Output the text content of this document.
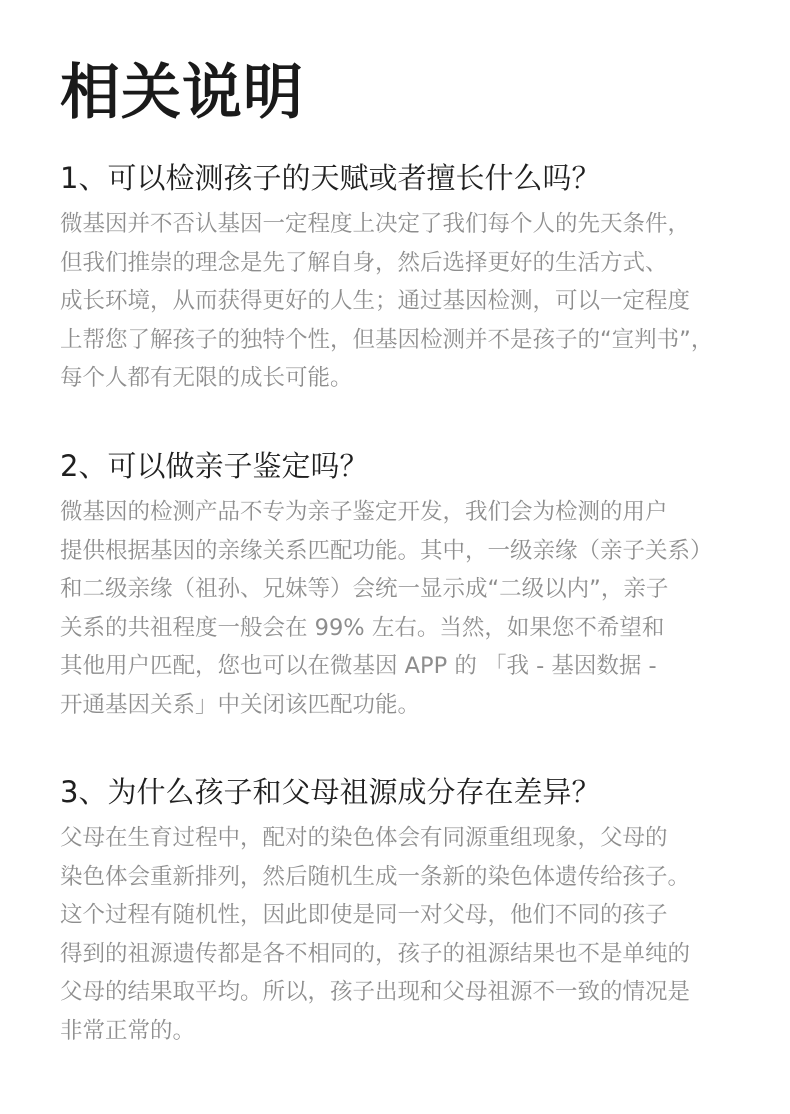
相关说明
1、可以检测孩子的天赋或者擅长什么吗？
微基因并不否认基因一定程度上决定了我们每个人的先天条件，
但我们推崇的理念是先了解自身，然后选择更好的生活方式、
成长环境，从而获得更好的人生；通过基因检测，可以一定程度
上帮您了解孩子的独特个性，但基因检测并不是孩子的“宣判书”，
每个人都有无限的成长可能。
2、可以做亲子鉴定吗？
微基因的检测产品不专为亲子鉴定开发，我们会为检测的用户
提供根据基因的亲缘关系匹配功能。其中，一级亲缘（亲子关系）
和二级亲缘（祖孙、兄妹等）会统一显示成“二级以内”，亲子
关系的共祖程度一般会在 99% 左右。当然，如果您不希望和
其他用户匹配，您也可以在微基因 APP 的 「我 - 基因数据 -
开通基因关系」中关闭该匹配功能。
3、为什么孩子和父母祖源成分存在差异？
父母在生育过程中，配对的染色体会有同源重组现象，父母的
染色体会重新排列，然后随机生成一条新的染色体遗传给孩子。
这个过程有随机性，因此即使是同一对父母，他们不同的孩子
得到的祖源遗传都是各不相同的，孩子的祖源结果也不是单纯的
父母的结果取平均。所以，孩子出现和父母祖源不一致的情况是
非常正常的。
